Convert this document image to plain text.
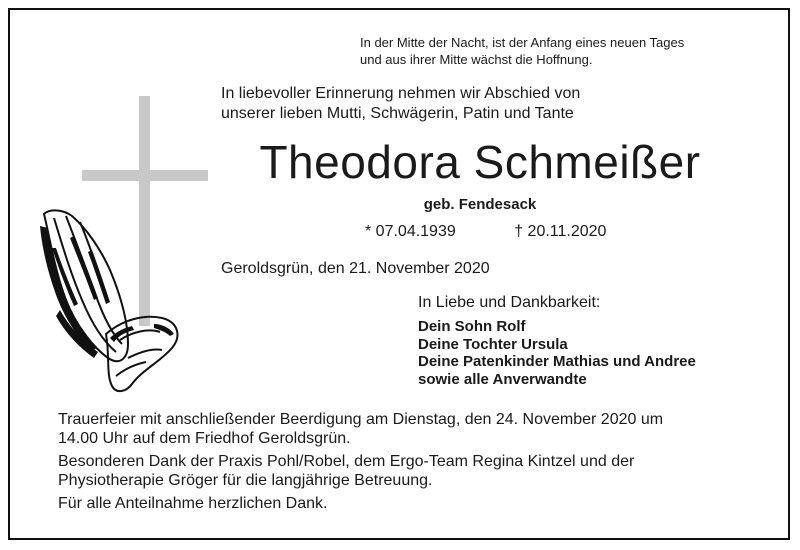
In der Mitte der Nacht, ist der Anfang eines neuen Tages
und aus ihrer Mitte wächst die Hoffnung.
In liebevoller Erinnerung nehmen wir Abschied von
unserer lieben Mutti, Schwägerin, Patin und Tante
Theodora Schmeißer
geb. Fendesack
* 07.04.1939	† 20.11.2020
Geroldsgrün, den 21. November 2020
In Liebe und Dankbarkeit:
Dein Sohn Rolf
Deine Tochter Ursula
Deine Patenkinder Mathias und Andree
sowie alle Anverwandte

Trauerfeier mit anschließender Beerdigung am Dienstag, den 24. November 2020 um
14.00 Uhr auf dem Friedhof Geroldsgrün.

Besonderen Dank der Praxis Pohl/Robel, dem Ergo-Team Regina Kintzel und der
Physiotherapie Gröger für die langjährige Betreuung.

Für alle Anteilnahme herzlichen Dank.
